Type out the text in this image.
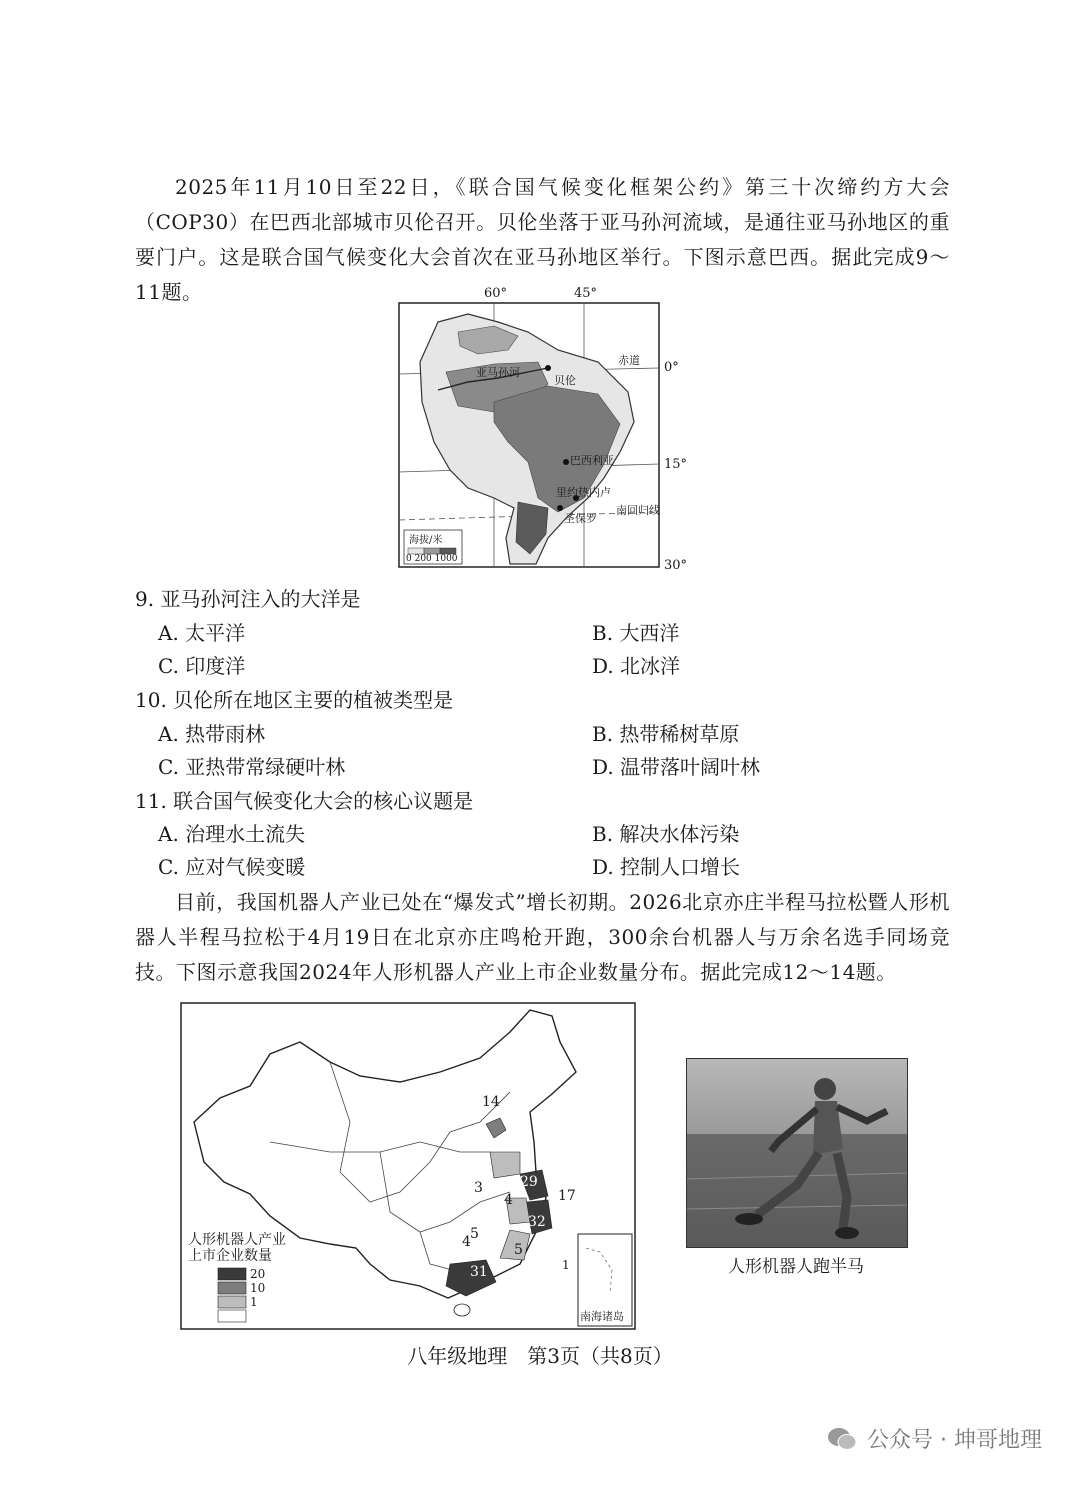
2025年11月10日至22日，《联合国气候变化框架公约》第三十次缔约方大会（COP30）在巴西北部城市贝伦召开。贝伦坐落于亚马孙河流域，是通往亚马孙地区的重要门户。这是联合国气候变化大会首次在亚马孙地区举行。下图示意巴西。据此完成9～11题。	60°	45°
0°
15°
30°
赤道
南回归线
亚马孙河
贝伦
巴西利亚
圣保罗
里约热内卢
海拔/米
0 200 1000
9. 亚马孙河注入的大洋是
A. 太平洋	B. 大西洋
C. 印度洋	D. 北冰洋
10. 贝伦所在地区主要的植被类型是
A. 热带雨林	B. 热带稀树草原
C. 亚热带常绿硬叶林	D. 温带落叶阔叶林
11. 联合国气候变化大会的核心议题是
A. 治理水土流失	B. 解决水体污染
C. 应对气候变暖	D. 控制人口增长

目前，我国机器人产业已处在“爆发式”增长初期。2026北京亦庄半程马拉松暨人形机器人半程马拉松于4月19日在北京亦庄鸣枪开跑，300余台机器人与万余名选手同场竞技。下图示意我国2024年人形机器人产业上市企业数量分布。据此完成12～14题。

人形机器人产业
上市企业数量
20
10
1
14
3
4
29
17
5
32
4	5
31	1
南海诸岛
人形机器人跑半马
八年级地理　第3页（共8页）
公众号 · 坤哥地理
